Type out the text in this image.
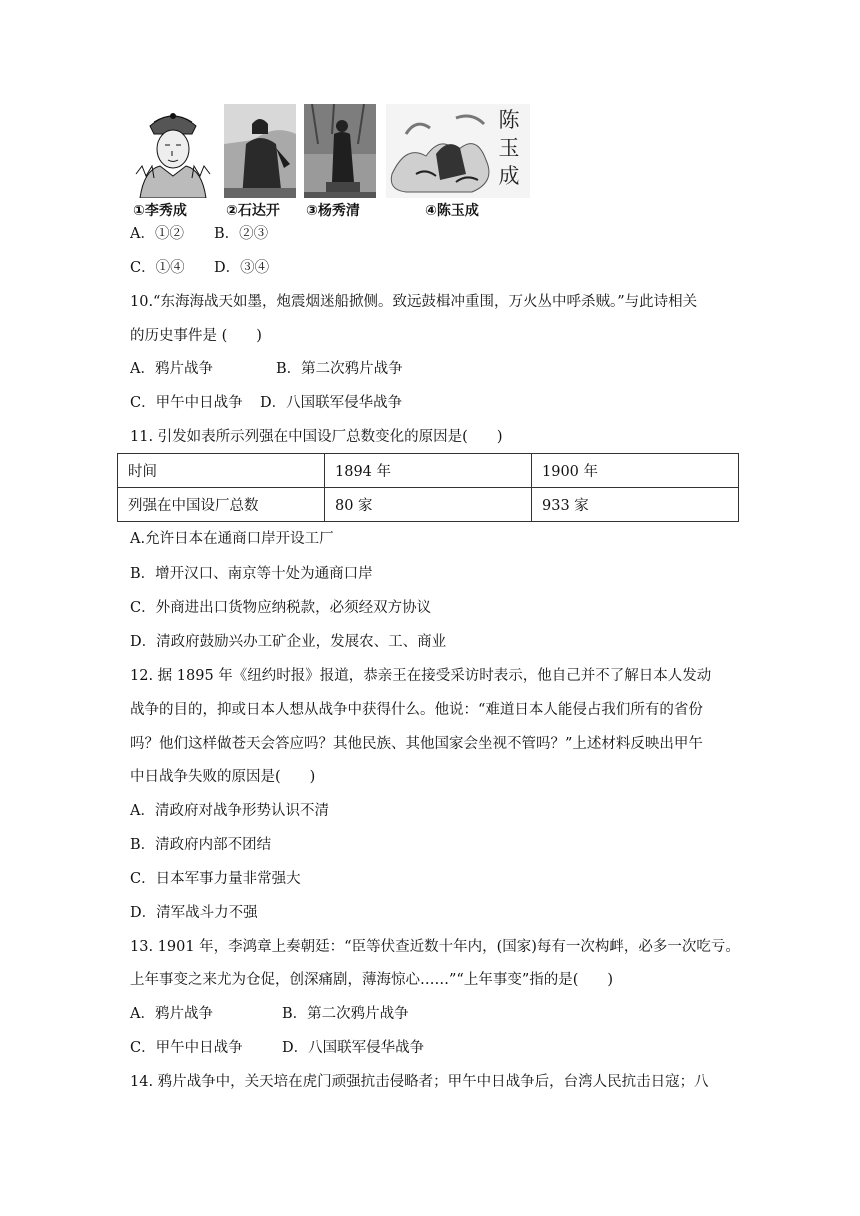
陈玉成
①李秀成	②石达开 ③杨秀清	④陈玉成
A．①② B．②③
C．①④ D．③④
10.“东海海战天如墨，炮震烟迷船掀侧。致远鼓楫冲重围，万火丛中呼杀贼。”与此诗相关
的历史事件是 (　　)
A．鸦片战争	B．第二次鸦片战争
C．甲午中日战争 D．八国联军侵华战争
11. 引发如表所示列强在中国设厂总数变化的原因是(　　)
时间	1894 年	1900 年
列强在中国设厂总数	80 家	933 家
A.允许日本在通商口岸开设工厂
B．增开汉口、南京等十处为通商口岸
C．外商进出口货物应纳税款，必须经双方协议
D．清政府鼓励兴办工矿企业，发展农、工、商业
12. 据 1895 年《纽约时报》报道，恭亲王在接受采访时表示，他自己并不了解日本人发动
战争的目的，抑或日本人想从战争中获得什么。他说：“难道日本人能侵占我们所有的省份
吗？他们这样做苍天会答应吗？其他民族、其他国家会坐视不管吗？”上述材料反映出甲午
中日战争失败的原因是(　　)
A．清政府对战争形势认识不清
B．清政府内部不团结
C．日本军事力量非常强大
D．清军战斗力不强
13. 1901 年，李鸿章上奏朝廷：“臣等伏查近数十年内，(国家)每有一次构衅，必多一次吃亏。
上年事变之来尤为仓促，创深痛剧，薄海惊心……”“上年事变”指的是(　　)
A．鸦片战争	B．第二次鸦片战争
C．甲午中日战争	D．八国联军侵华战争
14. 鸦片战争中，关天培在虎门顽强抗击侵略者；甲午中日战争后，台湾人民抗击日寇；八
